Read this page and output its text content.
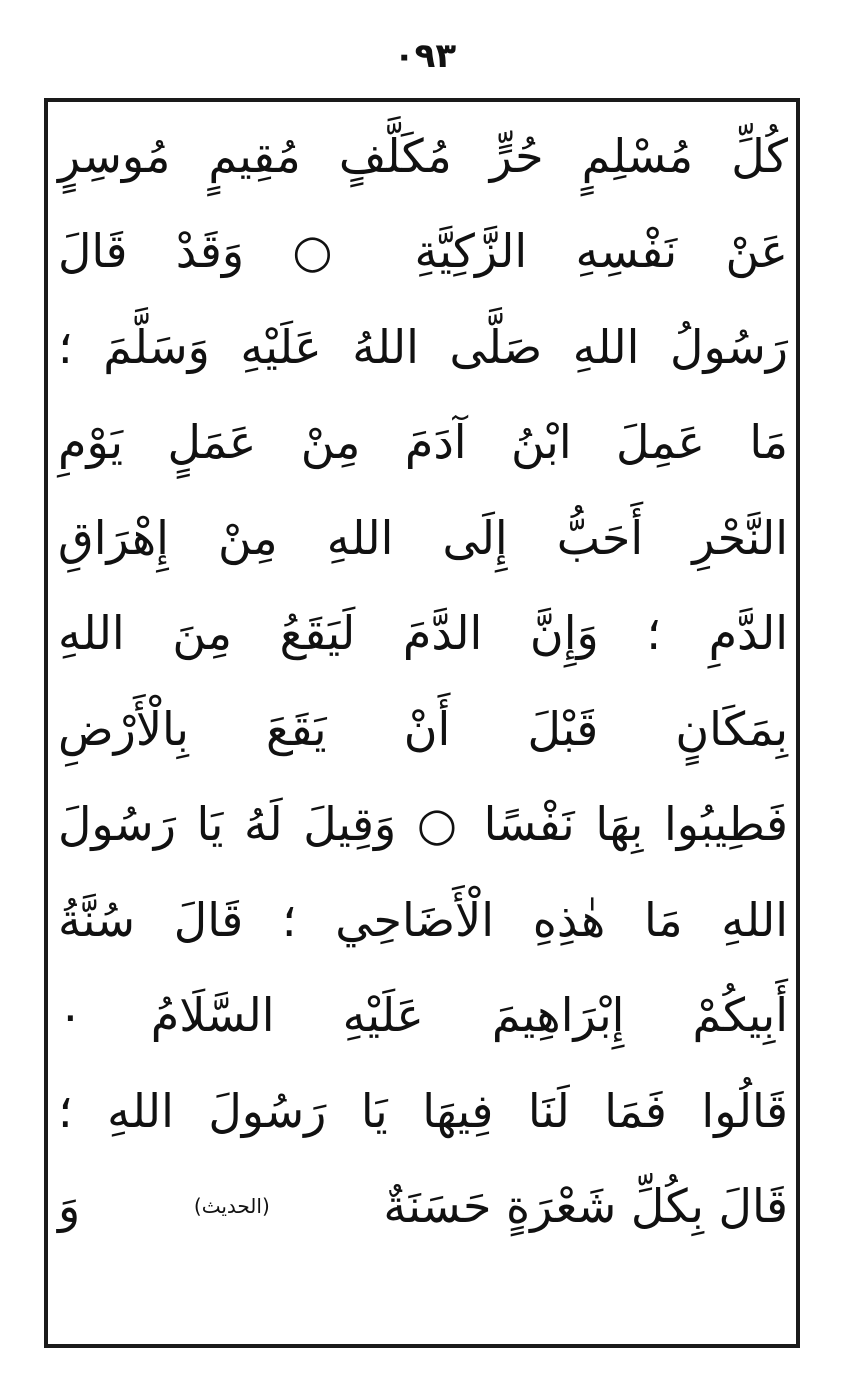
۰۹۳
كُلِّ مُسْلِمٍ حُرٍّ مُكَلَّفٍ مُقِيمٍ مُوسِرٍ
عَنْ نَفْسِهِ الزَّكِيَّةِ ○ وَقَدْ قَالَ
رَسُولُ اللهِ صَلَّى اللهُ عَلَيْهِ وَسَلَّمَ ؛
مَا عَمِلَ ابْنُ آدَمَ مِنْ عَمَلٍ يَوْمِ
النَّحْرِ أَحَبُّ إِلَى اللهِ مِنْ إِهْرَاقِ
الدَّمِ ؛ وَإِنَّ الدَّمَ لَيَقَعُ مِنَ اللهِ
بِمَكَانٍ قَبْلَ أَنْ يَقَعَ بِالْأَرْضِ
فَطِيبُوا بِهَا نَفْسًا ○ وَقِيلَ لَهُ يَا رَسُولَ
اللهِ مَا هٰذِهِ الْأَضَاحِي ؛ قَالَ سُنَّةُ
أَبِيكُمْ إِبْرَاهِيمَ عَلَيْهِ السَّلَامُ ۰
قَالُوا فَمَا لَنَا فِيهَا يَا رَسُولَ اللهِ ؛
قَالَ بِكُلِّ شَعْرَةٍ حَسَنَةٌ
(الحديث)
وَ
